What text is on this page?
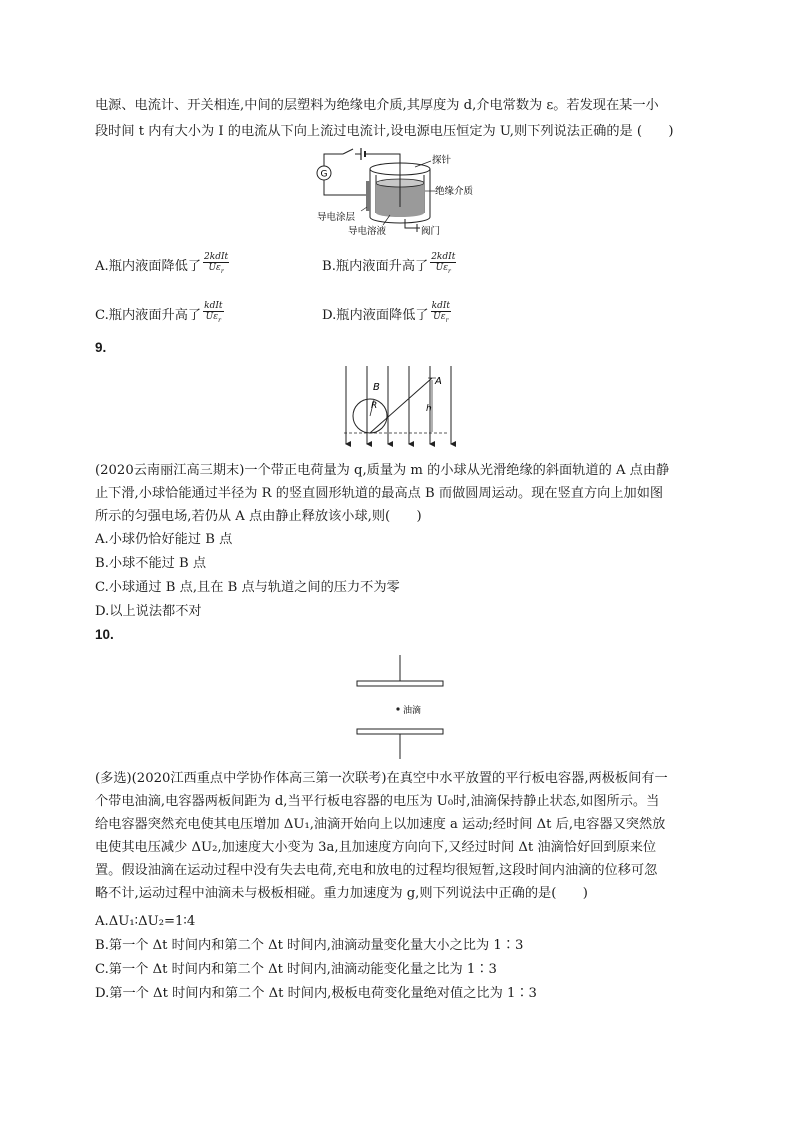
电源、电流计、开关相连,中间的层塑料为绝缘电介质,其厚度为 d,介电常数为 ε。若发现在某一小
段时间 t 内有大小为 I 的电流从下向上流过电流计,设电源电压恒定为 U,则下列说法正确的是 (　　)
G
探针
绝缘介质
导电涂层
导电溶液	阀门
A.瓶内液面降低了 $\frac{\text{2kdIt}}{U\varepsilon_r}$	B.瓶内液面升高了 $\frac{\text{2kdIt}}{U\varepsilon_r}$
C.瓶内液面升高了 $\frac{\text{kdIt}}{U\varepsilon_r}$	D.瓶内液面降低了 $\frac{\text{kdIt}}{U\varepsilon_r}$
9.
B
R
A
h
(2020云南丽江高三期末)一个带正电荷量为 q,质量为 m 的小球从光滑绝缘的斜面轨道的 A 点由静
止下滑,小球恰能通过半径为 R 的竖直圆形轨道的最高点 B 而做圆周运动。现在竖直方向上加如图
所示的匀强电场,若仍从 A 点由静止释放该小球,则(　　)
A.小球仍恰好能过 B 点
B.小球不能过 B 点
C.小球通过 B 点,且在 B 点与轨道之间的压力不为零
D.以上说法都不对
10.
油滴
(多选)(2020江西重点中学协作体高三第一次联考)在真空中水平放置的平行板电容器,两极板间有一
个带电油滴,电容器两板间距为 d,当平行板电容器的电压为 U₀时,油滴保持静止状态,如图所示。当
给电容器突然充电使其电压增加 ΔU₁,油滴开始向上以加速度 a 运动;经时间 Δt 后,电容器又突然放
电使其电压减少 ΔU₂,加速度大小变为 3a,且加速度方向向下,又经过时间 Δt 油滴恰好回到原来位
置。假设油滴在运动过程中没有失去电荷,充电和放电的过程均很短暂,这段时间内油滴的位移可忽
略不计,运动过程中油滴未与极板相碰。重力加速度为 g,则下列说法中正确的是(　　)
A.ΔU₁∶ΔU₂=1∶4
B.第一个 Δt 时间内和第二个 Δt 时间内,油滴动量变化量大小之比为 1∶3
C.第一个 Δt 时间内和第二个 Δt 时间内,油滴动能变化量之比为 1∶3
D.第一个 Δt 时间内和第二个 Δt 时间内,极板电荷变化量绝对值之比为 1∶3
